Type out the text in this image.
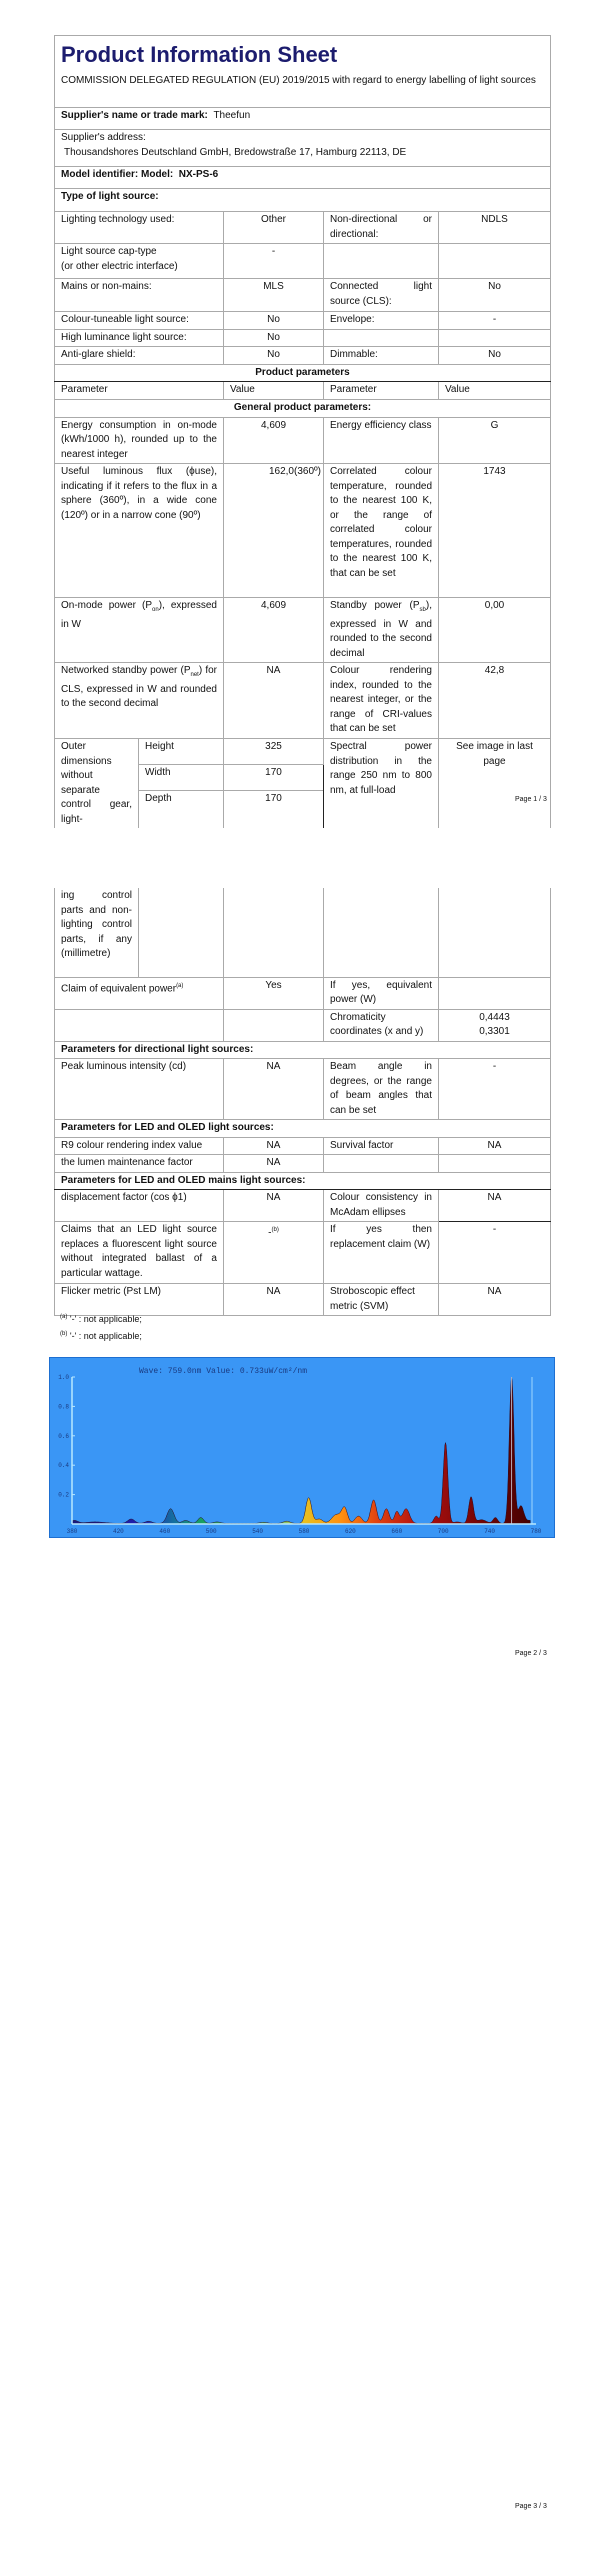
Product Information Sheet
COMMISSION DELEGATED REGULATION (EU) 2019/2015 with regard to energy labelling of light sources				

Supplier's name or trade mark: Theefun				

Supplier's address:
Thousandshores Deutschland GmbH, Bredowstraße 17, Hamburg 22113, DE				

Model identifier: Model: NX-PS-6				
Type of light source:				
Lighting technology used:		Other	Non-directional or directional:	NDLS

Light source cap-type
(or other electric interface)		-		
Mains or non-mains:		MLS	Connected light source (CLS):	No
Colour-tuneable light source:		No	Envelope:	-
High luminance light source:		No		
Anti-glare shield:		No	Dimmable:	No
Product parameters				
Parameter		Value	Parameter	Value
General product parameters:				
Energy consumption in on-mode (kWh/1000 h), rounded up to the nearest integer		4,609	Energy efficiency class	G
Useful luminous flux (ϕuse), indicating if it refers to the flux in a sphere (360º), in a wide cone (120º) or in a narrow cone (90º)		162,0(360º)	Correlated colour temperature, rounded to the nearest 100 K, or the range of correlated colour temperatures, rounded to the nearest 100 K, that can be set	1743
On-mode power $(P_{on})$, expressed in W		4,609	Standby power $(P_{sb})$, expressed in W and rounded to the second decimal	0,00
Networked standby power $(P_{net})$ for CLS, expressed in W and rounded to the second decimal		NA	Colour rendering index, rounded to the nearest integer, or the range of CRI-values that can be set	42,8
Outer dimensions without separate control gear, light-	Height	325	Spectral power distribution in the range 250 nm to 800 nm, at full-load	See image in last page
	Width	170		
	Depth	170			Page 1 / 3
ing control parts and non-lighting control parts, if any (millimetre)				
Claim of equivalent power$^{(a)}$		Yes	If yes, equivalent power (W)	
			Chromaticity coordinates (x and y)	0,4443
0,3301

Parameters for directional light sources:				
Peak luminous intensity (cd)		NA	Beam angle in degrees, or the range of beam angles that can be set	-
Parameters for LED and OLED light sources:				
R9 colour rendering index value		NA	Survival factor	NA
the lumen maintenance factor		NA		
Parameters for LED and OLED mains light sources:				
displacement factor (cos ϕ1)		NA	Colour consistency in McAdam ellipses	NA
Claims that an LED light source replaces a fluorescent light source without integrated ballast of a particular wattage.		-$^{(b)}$	If yes then replacement claim (W)	-
Flicker metric (Pst LM)		NA	Stroboscopic effect metric (SVM)	NA
$^{(a)}$ '-' : not applicable;
$^{(b)}$ '-' : not applicable;
Wave: 759.0nm Value: 0.733uW/cm²/nm
380	420	460	500	540	580	620	660	700	740	780
0.2
0.4
0.6
0.8
1.0
Page 2 / 3
Page 3 / 3
